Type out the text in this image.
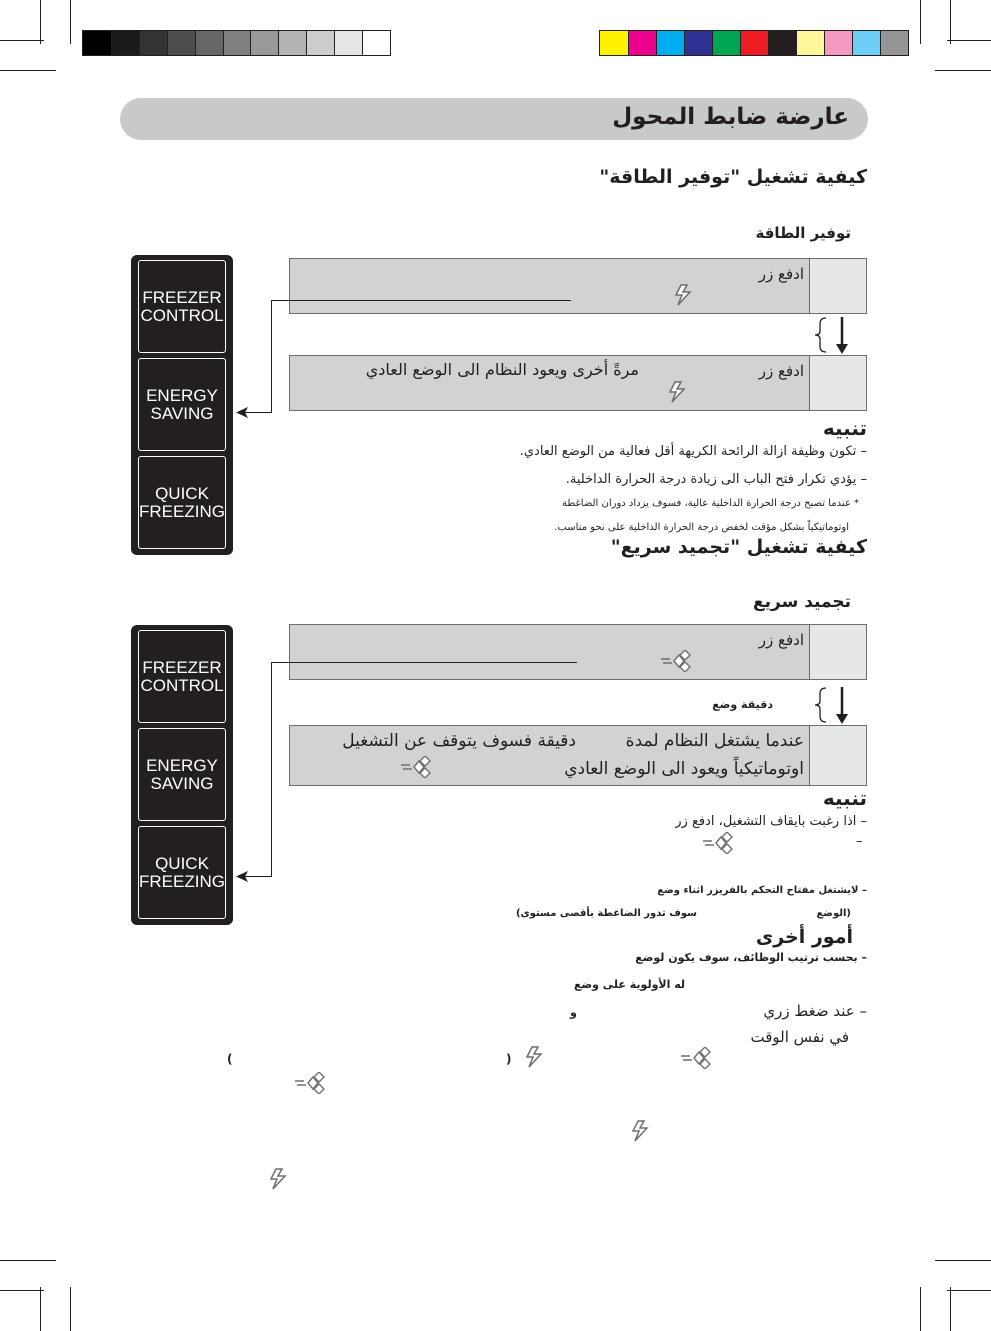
عارضة ضابط المحول
كيفية تشغيل "توفير الطاقة"
توفير الطاقة
FREEZER
CONTROL
ENERGY
SAVING
QUICK
FREEZING
ادفع زر
ادفع زر
مرةً أخرى ويعود النظام الى الوضع العادي
تنبيه
– تكون وظيفة ازالة الرائحة الكريهة أقل فعالية من الوضع العادي.
– يؤدي تكرار فتح الباب الى زيادة درجة الحرارة الداخلية.
* عندما تصبح درجة الحرارة الداخلية عالية، فسوف يزداد دوران الضاغطة
اوتوماتيكياً بشكل مؤقت لخفض درجة الحرارة الداخلية على نحو مناسب.
كيفية تشغيل "تجميد سريع"
تجميد سريع
FREEZER
CONTROL
ENERGY
SAVING
QUICK
FREEZING
ادفع زر
دقيقة وضع
عندما يشتغل النظام لمدة
دقيقة فسوف يتوقف عن التشغيل
اوتوماتيكياً ويعود الى الوضع العادي
تنبيه
– اذا رغبت بايقاف التشغيل، ادفع زر
–
– لايشتغل مفتاح التحكم بالفريزر اثناء وضع
(الوضع
سوف تدور الضاغطة بأقصى مستوى)
أمور أخرى
– بحسب ترتيب الوظائف، سوف يكون لوضع
له الأولوية على وضع
– عند ضغط زري
و
في نفس الوقت
(	)
